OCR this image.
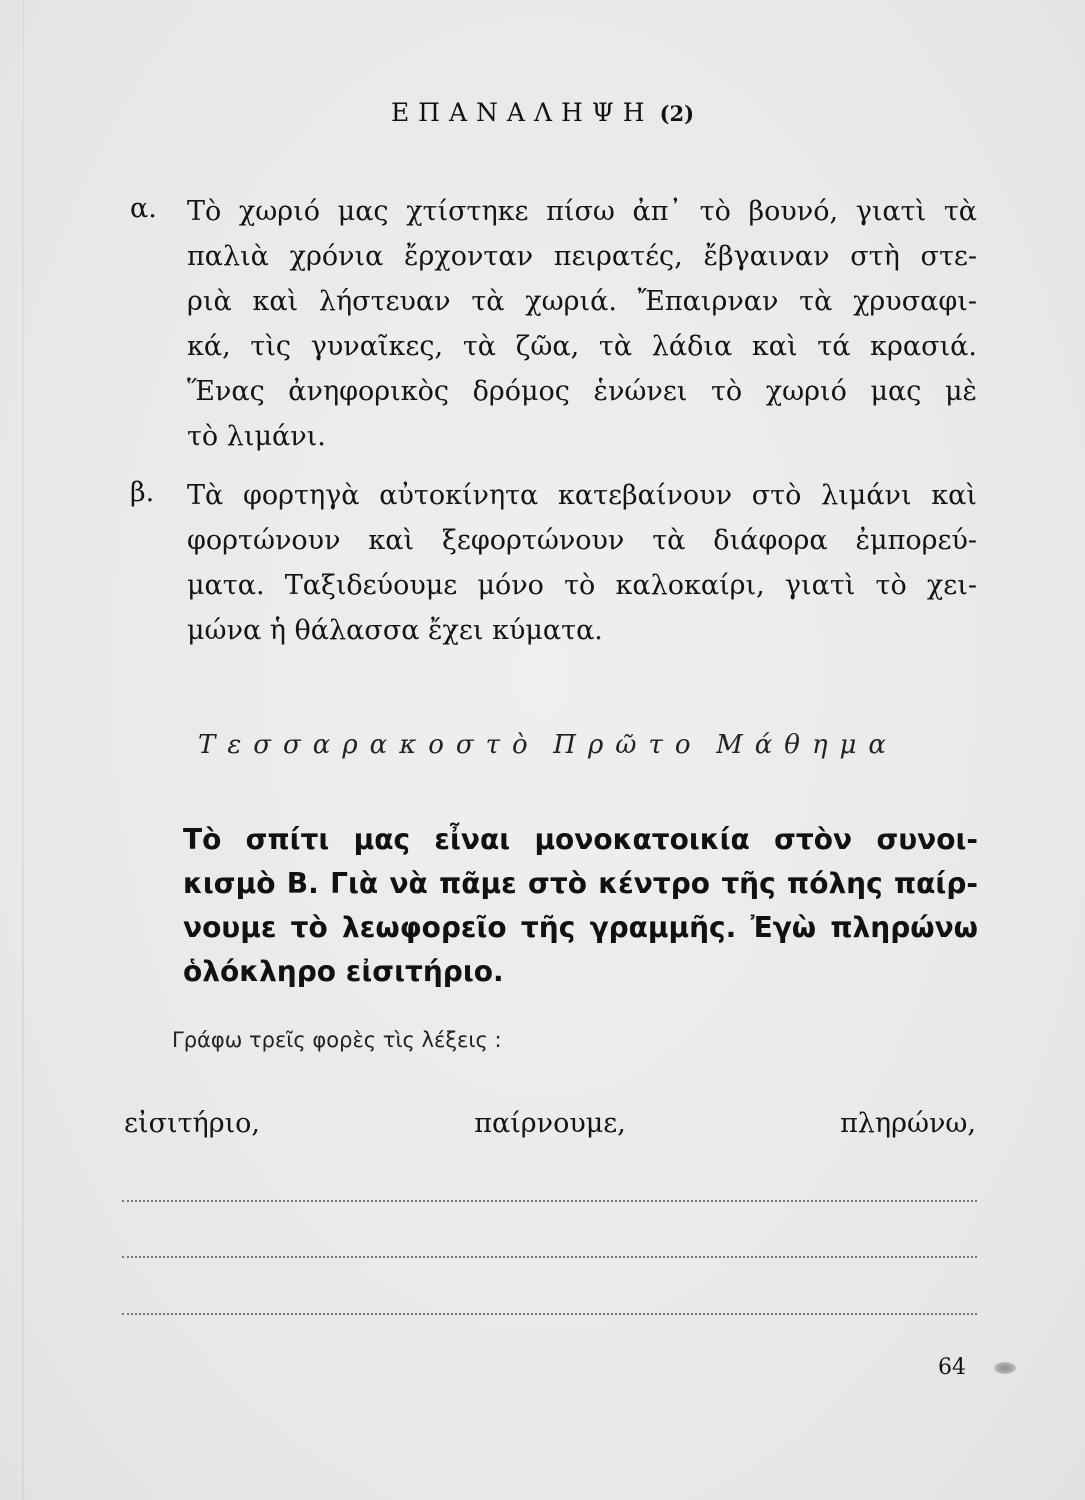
ΕΠΑΝΑΛΗΨΗ (2)
α. Τὸ χωριό μας χτίστηκε πίσω ἀπ᾿ τὸ βουνό, γιατὶ τὰ
παλιὰ χρόνια ἔρχονταν πειρατές, ἔβγαιναν στὴ στε-
ριὰ καὶ λήστευαν τὰ χωριά. Ἔπαιρναν τὰ χρυσαφι-
κά, τὶς γυναῖκες, τὰ ζῶα, τὰ λάδια καὶ τά κρασιά.
Ἕνας ἀνηφορικὸς δρόμος ἑνώνει τὸ χωριό μας μὲ
τὸ λιμάνι.
β. Τὰ φορτηγὰ αὐτοκίνητα κατεβαίνουν στὸ λιμάνι καὶ
φορτώνουν καὶ ξεφορτώνουν τὰ διάφορα ἐμπορεύ-
ματα. Ταξιδεύουμε μόνο τὸ καλοκαίρι, γιατὶ τὸ χει-
μώνα ἡ θάλασσα ἔχει κύματα.
Τεσσαρακοστὸ Πρῶτο Μάθημα
Τὸ σπίτι μας εἶναι μονοκατοικία στὸν συνοι-
κισμὸ Β. Γιὰ νὰ πᾶμε στὸ κέντρο τῆς πόλης παίρ-
νουμε τὸ λεωφορεῖο τῆς γραμμῆς. Ἐγὼ πληρώνω
ὁλόκληρο εἰσιτήριο.
Γράφω τρεῖς φορὲς τὶς λέξεις :
εἰσιτήριο,	παίρνουμε,	πληρώνω,
64
